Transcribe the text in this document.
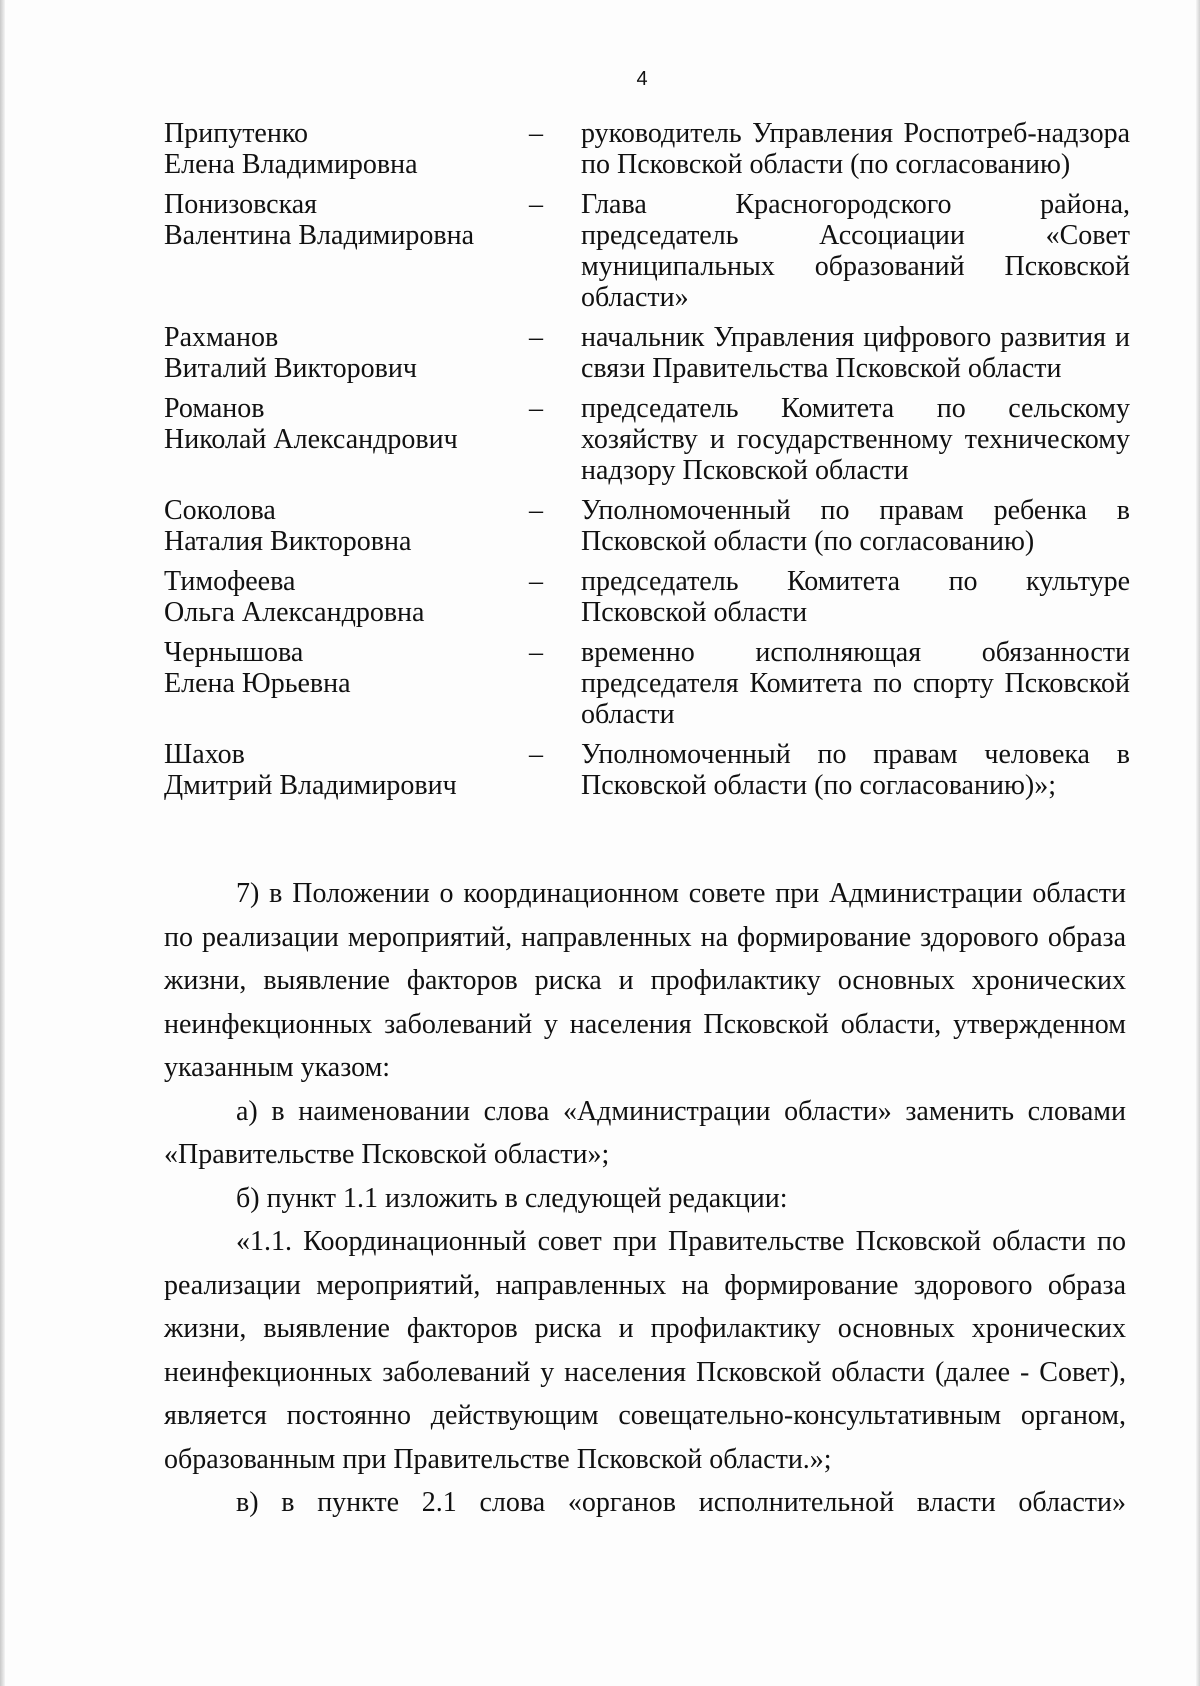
4
Припутенко
Елена Владимировна
–	руководитель Управления Роспотреб-надзора по Псковской области (по согласованию)
Понизовская
Валентина Владимировна
–	Глава Красногородского района, председатель Ассоциации «Совет муниципальных образований Псковской области»
Рахманов
Виталий Викторович
–	начальник Управления цифрового развития и связи Правительства Псковской области
Романов
Николай Александрович
–	председатель Комитета по сельскому хозяйству и государственному техническому надзору Псковской области
Соколова
Наталия Викторовна
–	Уполномоченный по правам ребенка в Псковской области (по согласованию)
Тимофеева
Ольга Александровна
–	председатель Комитета по культуре Псковской области
Чернышова
Елена Юрьевна
–	временно исполняющая обязанности председателя Комитета по спорту Псковской области
Шахов
Дмитрий Владимирович
–	Уполномоченный по правам человека в Псковской области (по согласованию)»;

7) в Положении о координационном совете при Администрации области по реализации мероприятий, направленных на формирование здорового образа жизни, выявление факторов риска и профилактику основных хронических неинфекционных заболеваний у населения Псковской области, утвержденном указанным указом:

а) в наименовании слова «Администрации области» заменить словами «Правительстве Псковской области»;

б) пункт 1.1 изложить в следующей редакции:

«1.1. Координационный совет при Правительстве Псковской области по реализации мероприятий, направленных на формирование здорового образа жизни, выявление факторов риска и профилактику основных хронических неинфекционных заболеваний у населения Псковской области (далее - Совет), является постоянно действующим совещательно-консультативным органом, образованным при Правительстве Псковской области.»;

в) в пункте 2.1 слова «органов исполнительной власти области»
